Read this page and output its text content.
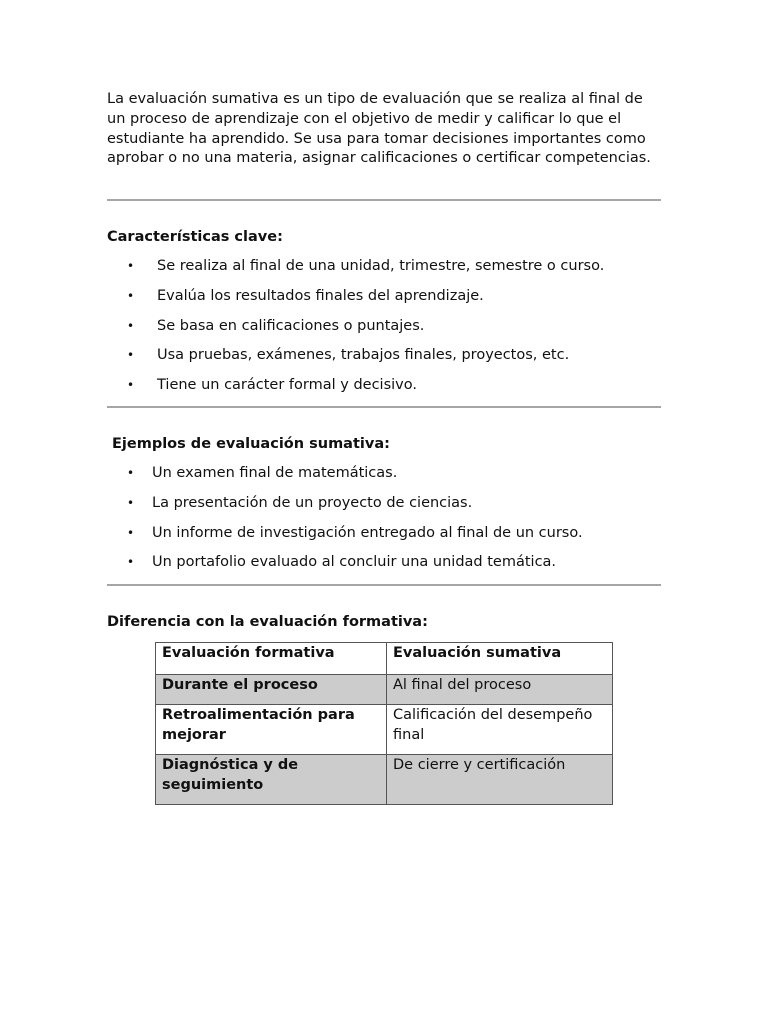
La evaluación sumativa es un tipo de evaluación que se realiza al final de un proceso de aprendizaje con el objetivo de medir y calificar lo que el estudiante ha aprendido. Se usa para tomar decisiones importantes como aprobar o no una materia, asignar calificaciones o certificar competencias.

Características clave:

• Se realiza al final de una unidad, trimestre, semestre o curso.
• Evalúa los resultados finales del aprendizaje.
• Se basa en calificaciones o puntajes.
• Usa pruebas, exámenes, trabajos finales, proyectos, etc.
• Tiene un carácter formal y decisivo.

Ejemplos de evaluación sumativa:

• Un examen final de matemáticas.
• La presentación de un proyecto de ciencias.
• Un informe de investigación entregado al final de un curso.
• Un portafolio evaluado al concluir una unidad temática.

Diferencia con la evaluación formativa:

Evaluación formativa	Evaluación sumativa
Durante el proceso	Al final del proceso
Retroalimentación para mejorar	Calificación del desempeño final
Diagnóstica y de seguimiento	De cierre y certificación
